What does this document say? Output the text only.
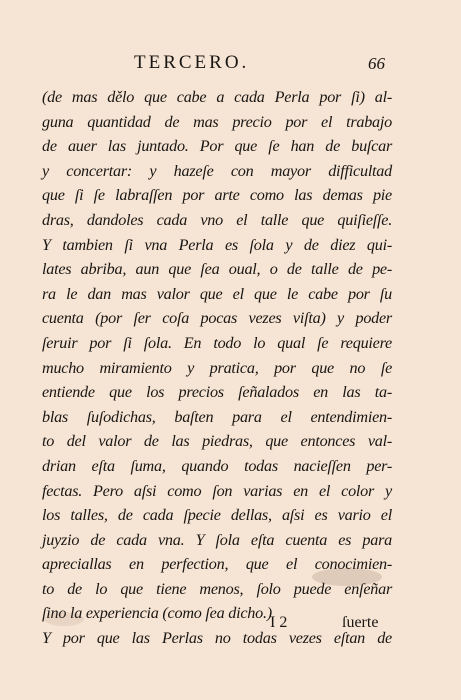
TERCERO.	66
(de mas dělo que cabe a cada Perla por ſi) al-
guna quantidad de mas precio por el trabajo
de auer las juntado. Por que ſe han de buſcar
y concertar: y hazeſe con mayor difficultad
que ſi ſe labraſſen por arte como las demas pie
dras, dandoles cada vno el talle que quiſieſſe.
Y tambien ſi vna Perla es ſola y de diez qui-
lates abriba, aun que ſea oual, o de talle de pe-
ra le dan mas valor que el que le cabe por ſu
cuenta (por ſer coſa pocas vezes viſta) y poder
ſeruir por ſi ſola. En todo lo qual ſe requiere
mucho miramiento y pratica, por que no ſe
entiende que los precios ſeñalados en las ta-
blas ſuſodichas, baſten para el entendimien-
to del valor de las piedras, que entonces val-
drian eſta ſuma, quando todas nacieſſen per-
fectas. Pero aſsi como ſon varias en el color y
los talles, de cada ſpecie dellas, aſsi es vario el
juyzio de cada vna. Y ſola eſta cuenta es para
apreciallas en perfection, que el conocimien-
to de lo que tiene menos, ſolo puede enſeñar
ſino la experiencia (como ſea dicho.)
Y por que las Perlas no todas vezes eſtan de
I 2	ſuerte
